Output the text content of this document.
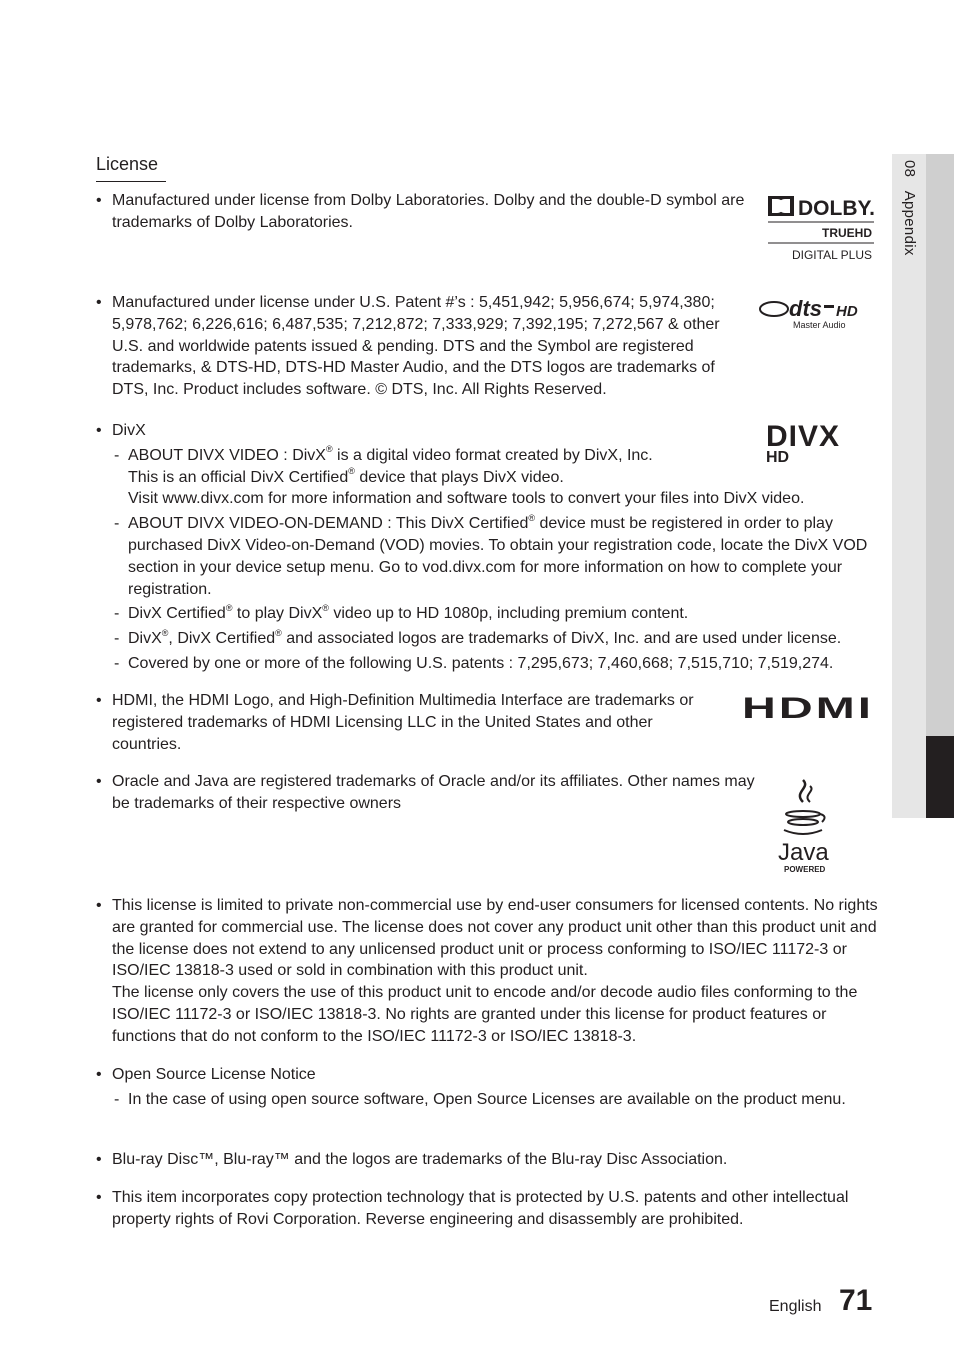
08   Appendix
License
• Manufactured under license from Dolby Laboratories. Dolby and the double-D symbol are trademarks of Dolby Laboratories.
DOLBY.
TRUEHD
DIGITAL PLUS
• Manufactured under license under U.S. Patent #’s : 5,451,942; 5,956,674; 5,974,380; 5,978,762; 6,226,616; 6,487,535; 7,212,872; 7,333,929; 7,392,195; 7,272,567 & other U.S. and worldwide patents issued & pending. DTS and the Symbol are registered trademarks, & DTS-HD, DTS-HD Master Audio, and the DTS logos are trademarks of DTS, Inc. Product includes software. © DTS, Inc. All Rights Reserved.
dts HD
Master Audio
• DivX
- ABOUT DIVX VIDEO : DivX® is a digital video format created by DivX, Inc.
This is an official DivX Certified® device that plays DivX video.
Visit www.divx.com for more information and software tools to convert your files into DivX video.
- ABOUT DIVX VIDEO-ON-DEMAND : This DivX Certified® device must be registered in order to play purchased DivX Video-on-Demand (VOD) movies. To obtain your registration code, locate the DivX VOD section in your device setup menu. Go to vod.divx.com for more information on how to complete your registration.
- DivX Certified® to play DivX® video up to HD 1080p, including premium content.
- DivX®, DivX Certified® and associated logos are trademarks of DivX, Inc. and are used under license.
- Covered by one or more of the following U.S. patents : 7,295,673; 7,460,668; 7,515,710; 7,519,274.
DIVX
HD
• HDMI, the HDMI Logo, and High-Definition Multimedia Interface are trademarks or registered trademarks of HDMI Licensing LLC in the United States and other countries.
HDMI
• Oracle and Java are registered trademarks of Oracle and/or its affiliates. Other names may be trademarks of their respective owners
Java
POWERED
• This license is limited to private non-commercial use by end-user consumers for licensed contents. No rights are granted for commercial use. The license does not cover any product unit other than this product unit and the license does not extend to any unlicensed product unit or process conforming to ISO/IEC 11172-3 or ISO/IEC 13818-3 used or sold in combination with this product unit.
The license only covers the use of this product unit to encode and/or decode audio files conforming to the ISO/IEC 11172-3 or ISO/IEC 13818-3. No rights are granted under this license for product features or functions that do not conform to the ISO/IEC 11172-3 or ISO/IEC 13818-3.
• Open Source License Notice
- In the case of using open source software, Open Source Licenses are available on the product menu.
• Blu-ray Disc™, Blu-ray™ and the logos are trademarks of the Blu-ray Disc Association.
• This item incorporates copy protection technology that is protected by U.S. patents and other intellectual property rights of Rovi Corporation. Reverse engineering and disassembly are prohibited.
English 71
